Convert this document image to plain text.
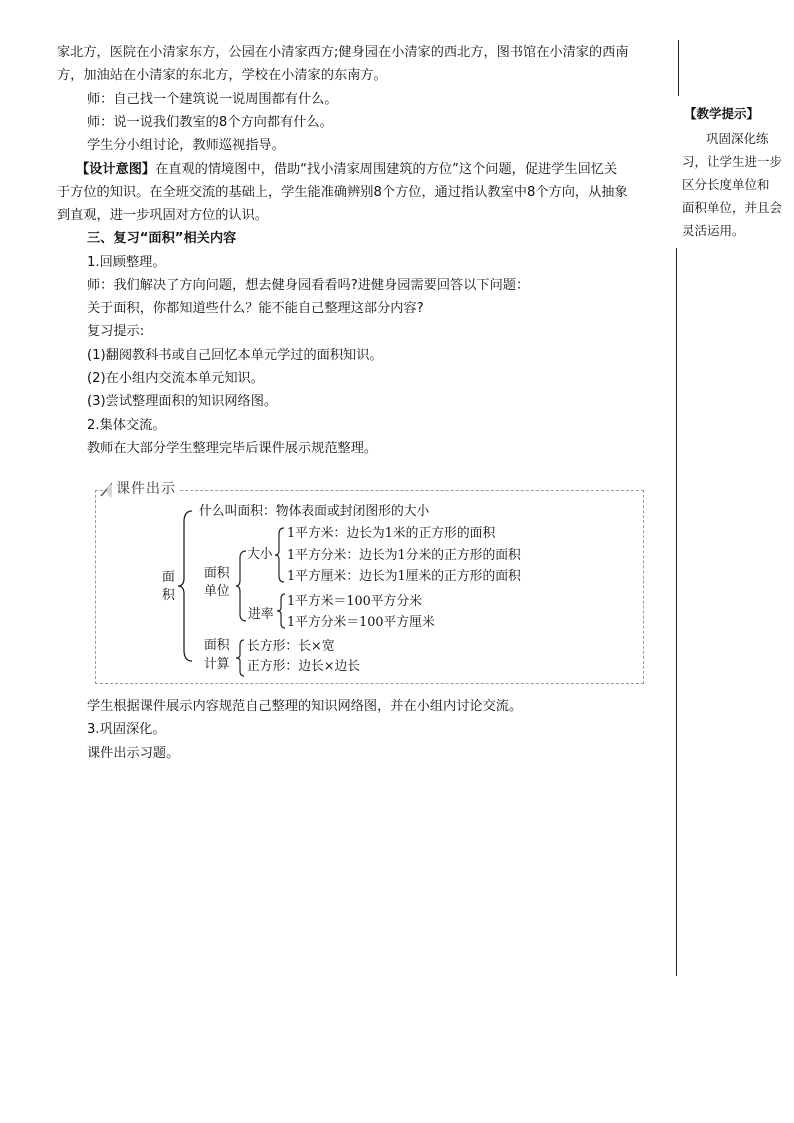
家北方，医院在小清家东方，公园在小清家西方;健身园在小清家的西北方，图书馆在小清家的西南

方，加油站在小清家的东北方，学校在小清家的东南方。

师：自己找一个建筑说一说周围都有什么。

师：说一说我们教室的8个方向都有什么。

学生分小组讨论，教师巡视指导。

【设计意图】在直观的情境图中，借助“找小清家周围建筑的方位”这个问题，促进学生回忆关

于方位的知识。在全班交流的基础上，学生能准确辨别8个方位，通过指认教室中8个方向，从抽象

到直观，进一步巩固对方位的认识。

三、复习“面积”相关内容

1.回顾整理。

师：我们解决了方向问题，想去健身园看看吗?进健身园需要回答以下问题：

关于面积，你都知道些什么？能不能自己整理这部分内容?

复习提示:

(1)翻阅教科书或自己回忆本单元学过的面积知识。

(2)在小组内交流本单元知识。

(3)尝试整理面积的知识网络图。

2.集体交流。

教师在大部分学生整理完毕后课件展示规范整理。

【教学提示】
巩固深化练
习，让学生进一步
区分长度单位和
面积单位，并且会
灵活运用。
课件出示
面
积
什么叫面积：物体表面或封闭图形的大小
面积
单位
大小
1平方米：边长为1米的正方形的面积
1平方分米：边长为1分米的正方形的面积
1平方厘米：边长为1厘米的正方形的面积
进率
1平方米＝100平方分米
1平方分米＝100平方厘米
面积
计算
长方形：长×宽
正方形：边长×边长

学生根据课件展示内容规范自己整理的知识网络图，并在小组内讨论交流。

3.巩固深化。

课件出示习题。
